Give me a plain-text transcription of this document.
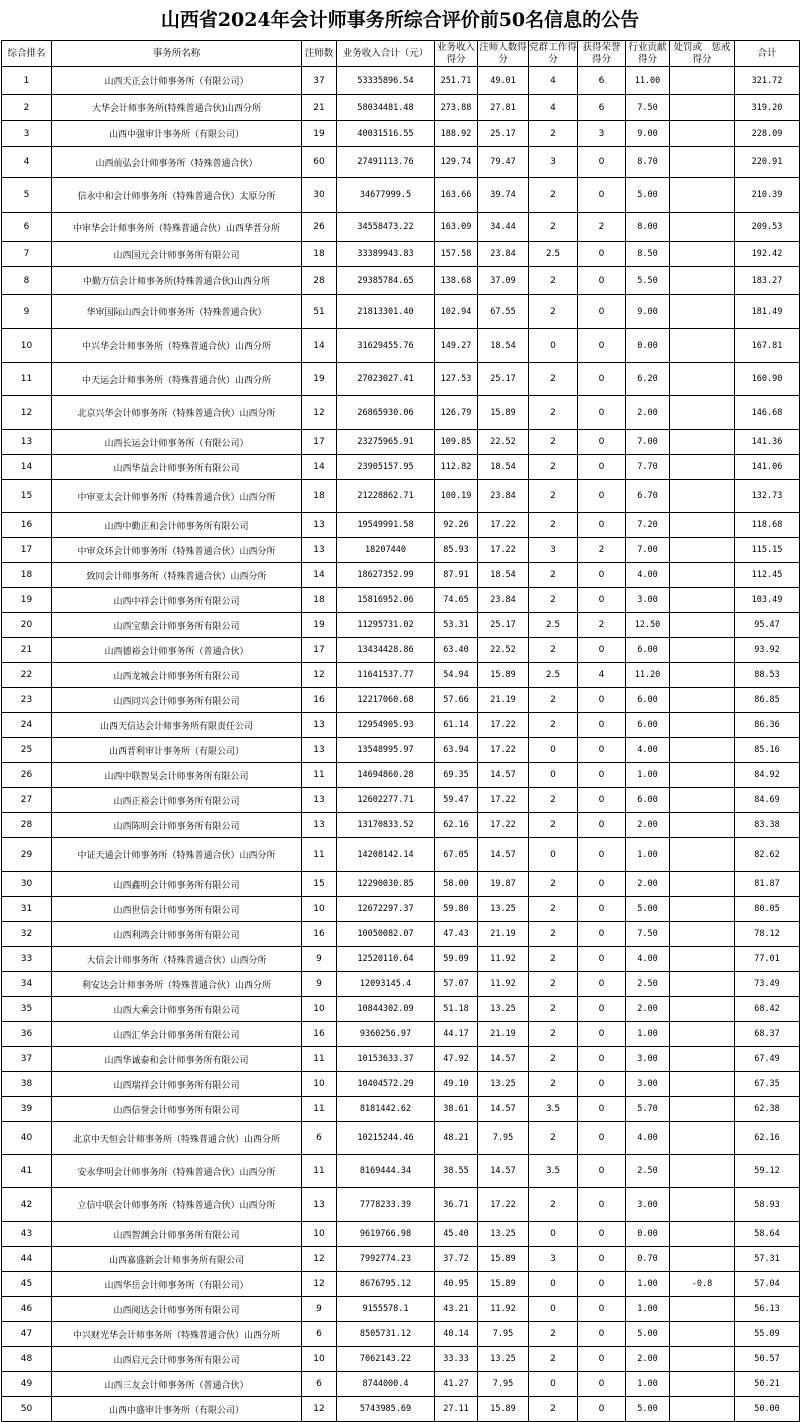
山西省2024年会计师事务所综合评价前50名信息的公告
综合排名	事务所名称	注师数	业务收入合计（元）	业务收入得分	注师人数得分	党群工作得分	获得荣誉得分	行业贡献得分	处罚或　惩戒得分	合计
1	山西天正会计师事务所（有限公司）	37	53335896.54	251.71	49.01	4	6	11.00		321.72
2	大华会计师事务所(特殊普通合伙)山西分所	21	58034481.48	273.88	27.81	4	6	7.50		319.20
3	山西中强审计事务所（有限公司）	19	40031516.55	188.92	25.17	2	3	9.00		228.09
4	山西前弘会计师事务所（特殊普通合伙）	60	27491113.76	129.74	79.47	3	0	8.70		220.91
5	信永中和会计师事务所（特殊普通合伙）太原分所	30	34677999.5	163.66	39.74	2	0	5.00		210.39
6	中审华会计师事务所（特殊普通合伙）山西华晋分所	26	34558473.22	163.09	34.44	2	2	8.00		209.53
7	山西国元会计师事务所有限公司	18	33389943.83	157.58	23.84	2.5	0	8.50		192.42
8	中勤万信会计师事务所(特殊普通合伙)山西分所	28	29385784.65	138.68	37.09	2	0	5.50		183.27
9	华审国际山西会计师事务所（特殊普通合伙）	51	21813301.40	102.94	67.55	2	0	9.00		181.49
10	中兴华会计师事务所（特殊普通合伙）山西分所	14	31629455.76	149.27	18.54	0	0	0.00		167.81
11	中天运会计师事务所（特殊普通合伙）山西分所	19	27023027.41	127.53	25.17	2	0	6.20		160.90
12	北京兴华会计师事务所（特殊普通合伙）山西分所	12	26865930.06	126.79	15.89	2	0	2.00		146.68
13	山西长运会计师事务所（有限公司）	17	23275965.91	109.85	22.52	2	0	7.00		141.36
14	山西华益会计师事务所有限公司	14	23905157.95	112.82	18.54	2	0	7.70		141.06
15	中审亚太会计师事务所（特殊普通合伙）山西分所	18	21228862.71	100.19	23.84	2	0	6.70		132.73
16	山西中勤正和会计师事务所有限公司	13	19549991.58	92.26	17.22	2	0	7.20		118.68
17	中审众环会计师事务所（特殊普通合伙）山西分所	13	18207440	85.93	17.22	3	2	7.00		115.15
18	致同会计师事务所（特殊普通合伙）山西分所	14	18627352.99	87.91	18.54	2	0	4.00		112.45
19	山西中祥会计师事务所有限公司	18	15816952.06	74.65	23.84	2	0	3.00		103.49
20	山西宝鼎会计师事务所有限公司	19	11295731.02	53.31	25.17	2.5	2	12.50		95.47
21	山西德裕会计师事务所（普通合伙）	17	13434428.86	63.40	22.52	2	0	6.00		93.92
22	山西龙城会计师事务所有限公司	12	11641537.77	54.94	15.89	2.5	4	11.20		88.53
23	山西同兴会计师事务所有限公司	16	12217060.68	57.66	21.19	2	0	6.00		86.85
24	山西天信达会计师事务所有限责任公司	13	12954905.93	61.14	17.22	2	0	6.00		86.36
25	山西晋利审计事务所（有限公司）	13	13548995.97	63.94	17.22	0	0	4.00		85.16
26	山西中联智昊会计师事务所有限公司	11	14694860.28	69.35	14.57	0	0	1.00		84.92
27	山西正裕会计师事务所有限公司	13	12602277.71	59.47	17.22	2	0	6.00		84.69
28	山西陈明会计师事务所有限公司	13	13170833.52	62.16	17.22	2	0	2.00		83.38
29	中证天通会计师事务所（特殊普通合伙）山西分所	11	14208142.14	67.05	14.57	0	0	1.00		82.62
30	山西鑫明会计师事务所有限公司	15	12290030.85	58.00	19.87	2	0	2.00		81.87
31	山西世信会计师事务所有限公司	10	12672297.37	59.80	13.25	2	0	5.00		80.05
32	山西利鸿会计师事务所有限公司	16	10050082.07	47.43	21.19	2	0	7.50		78.12
33	大信会计师事务所（特殊普通合伙）山西分所	9	12520110.64	59.09	11.92	2	0	4.00		77.01
34	利安达会计师事务所（特殊普通合伙）山西分所	9	12093145.4	57.07	11.92	2	0	2.50		73.49
35	山西大乘会计师事务所有限公司	10	10844302.09	51.18	13.25	2	0	2.00		68.42
36	山西汇华会计师事务所有限公司	16	9360256.97	44.17	21.19	2	0	1.00		68.37
37	山西华诚泰和会计师事务所有限公司	11	10153633.37	47.92	14.57	2	0	3.00		67.49
38	山西瑞祥会计师事务所有限公司	10	10404572.29	49.10	13.25	2	0	3.00		67.35
39	山西信誉会计师事务所有限公司	11	8181442.62	38.61	14.57	3.5	0	5.70		62.38
40	北京中天恒会计师事务所（特殊普通合伙）山西分所	6	10215244.46	48.21	7.95	2	0	4.00		62.16
41	安永华明会计师事务所（特殊普通合伙）山西分所	11	8169444.34	38.55	14.57	3.5	0	2.50		59.12
42	立信中联会计师事务所（特殊普通合伙）山西分所	13	7778233.39	36.71	17.22	2	0	3.00		58.93
43	山西智渊会计师事务所有限公司	10	9619766.98	45.40	13.25	0	0	0.00		58.64
44	山西嘉盛新会计师事务所有限公司	12	7992774.23	37.72	15.89	3	0	0.70		57.31
45	山西华岳会计师事务所（有限公司）	12	8676795.12	40.95	15.89	0	0	1.00	-0.8	57.04
46	山西阅达会计师事务所有限公司	9	9155578.1	43.21	11.92	0	0	1.00		56.13
47	中兴财光华会计师事务所（特殊普通合伙）山西分所	6	8505731.12	40.14	7.95	2	0	5.00		55.09
48	山西启元会计师事务所有限公司	10	7062143.22	33.33	13.25	2	0	2.00		50.57
49	山西三友会计师事务所（普通合伙）	6	8744000.4	41.27	7.95	0	0	1.00		50.21
50	山西中盛审计事务所（有限公司）	12	5743985.69	27.11	15.89	2	0	5.00		50.00
